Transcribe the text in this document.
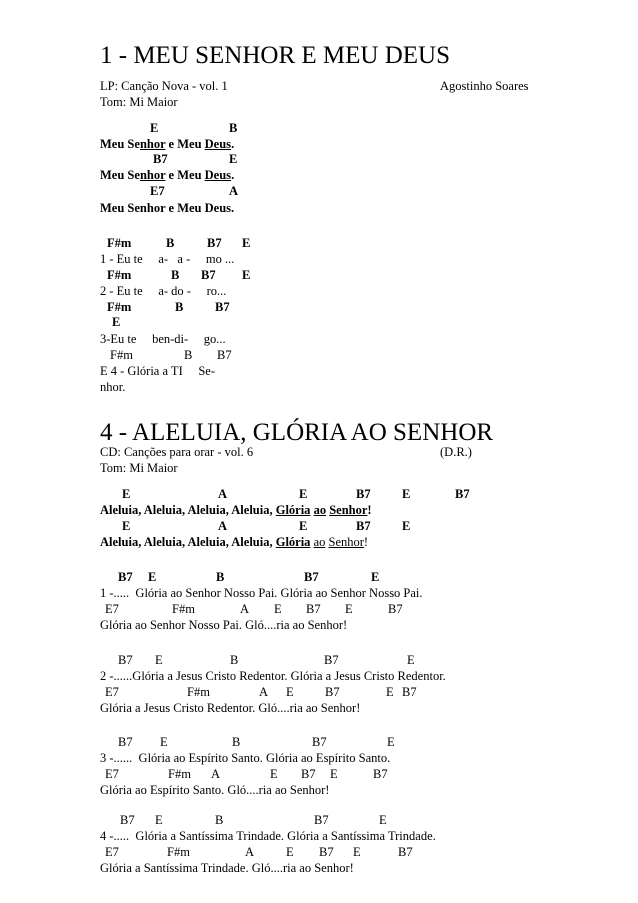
1 - MEU SENHOR E MEU DEUS
LP: Canção Nova - vol. 1	Agostinho Soares
Tom: Mi Maior
E	B
Meu Senhor e Meu Deus.
B7	E
Meu Senhor e Meu Deus.
E7	A
Meu Senhor e Meu Deus.
F#m	B	B7 E
1 - Eu te     a-   a -     mo ...
F#m	B B7 E
2 - Eu te     a- do -     ro...
F#m	B	B7
E
3-Eu te     ben-di-     go...
F#m	B B7
E 4 - Glória a TI     Se-
nhor.
4 - ALELUIA, GLÓRIA AO SENHOR
CD: Canções para orar - vol. 6	(D.R.)
Tom: Mi Maior
E	A	E	B7	E	B7
Aleluia, Aleluia, Aleluia, Aleluia, Glória ao Senhor!
E	A	E	B7	E
Aleluia, Aleluia, Aleluia, Aleluia, Glória ao Senhor!
B7 E	B	B7	E
1 -.....  Glória ao Senhor Nosso Pai. Glória ao Senhor Nosso Pai.
E7	F#m	A E B7 E	B7
Glória ao Senhor Nosso Pai. Gló....ria ao Senhor!
B7 E	B	B7	E
2 -......Glória a Jesus Cristo Redentor. Glória a Jesus Cristo Redentor.
E7	F#m	A E	B7	E B7
Glória a Jesus Cristo Redentor. Gló....ria ao Senhor!
B7 E	B	B7	E
3 -......  Glória ao Espírito Santo. Glória ao Espírito Santo.
E7	F#m A	E B7 E	B7
Glória ao Espírito Santo. Gló....ria ao Senhor!
B7 E	B	B7	E
4 -.....  Glória a Santíssima Trindade. Glória a Santíssima Trindade.
E7	F#m	A	E B7 E	B7
Glória a Santíssima Trindade. Gló....ria ao Senhor!
